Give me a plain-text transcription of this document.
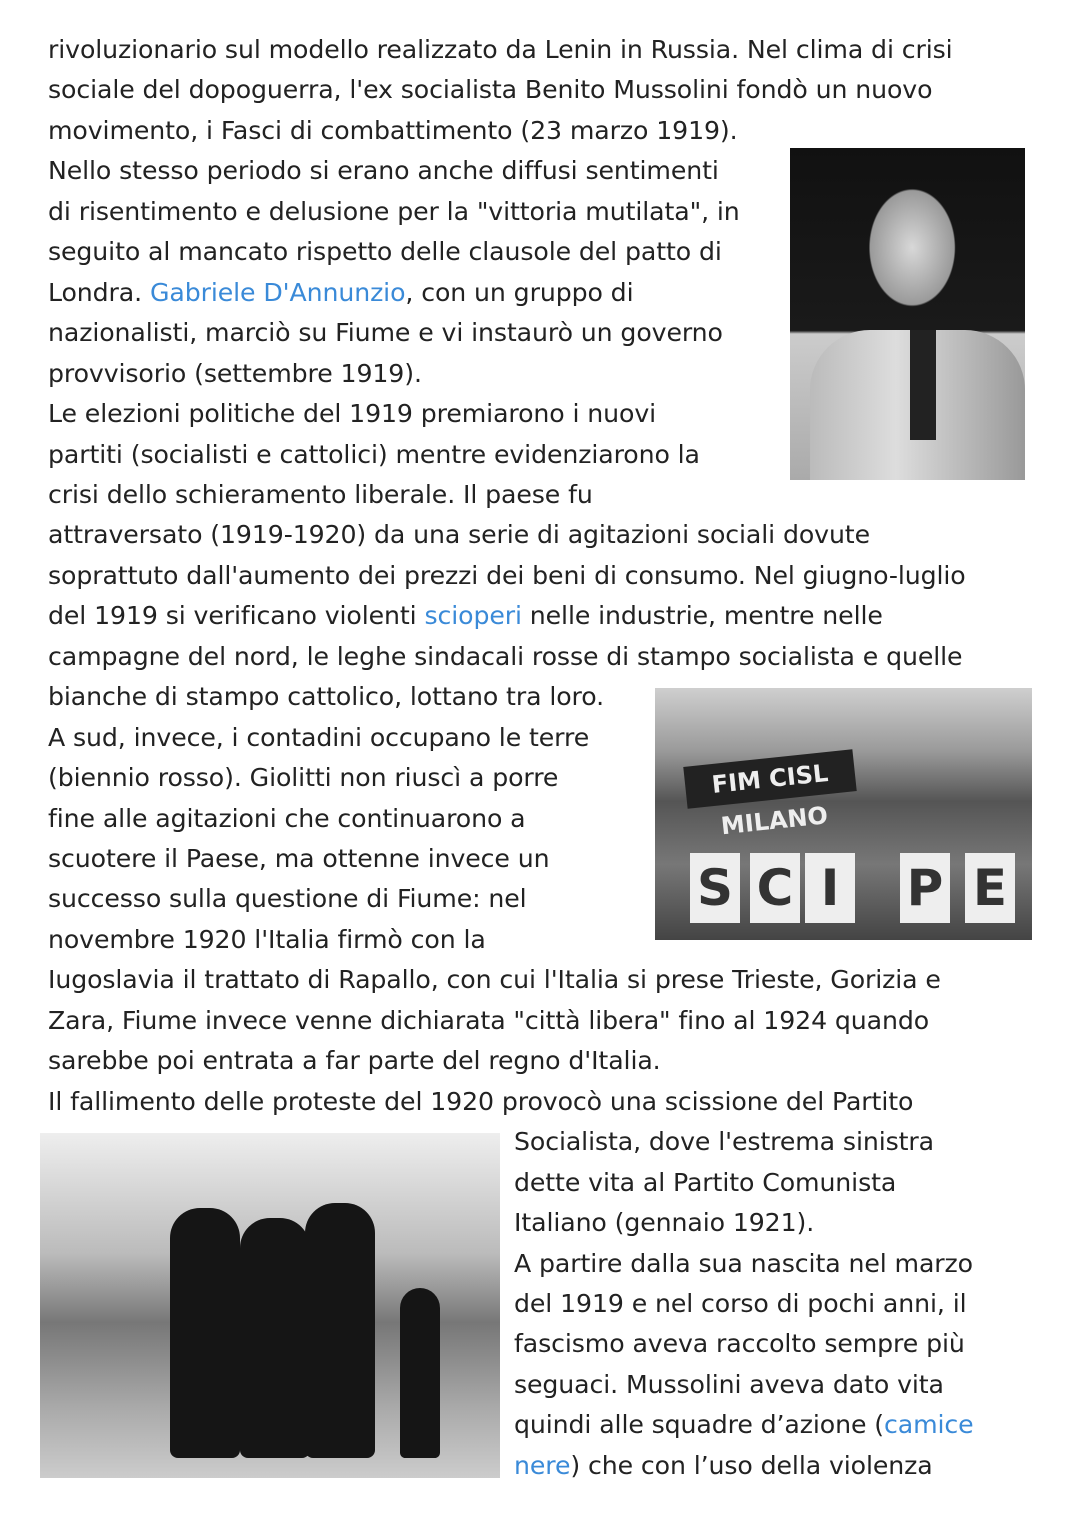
rivoluzionario sul modello realizzato da Lenin in Russia. Nel clima di crisi
sociale del dopoguerra, l'ex socialista Benito Mussolini fondò un nuovo
movimento, i Fasci di combattimento (23 marzo 1919).
Nello stesso periodo si erano anche diffusi sentimenti
di risentimento e delusione per la "vittoria mutilata", in
seguito al mancato rispetto delle clausole del patto di
Londra. Gabriele D'Annunzio, con un gruppo di
nazionalisti, marciò su Fiume e vi instaurò un governo
provvisorio (settembre 1919).
Le elezioni politiche del 1919 premiarono i nuovi
partiti (socialisti e cattolici) mentre evidenziarono la
crisi dello schieramento liberale. Il paese fu
attraversato (1919-1920) da una serie di agitazioni sociali dovute
soprattuto dall'aumento dei prezzi dei beni di consumo. Nel giugno-luglio
del 1919 si verificano violenti scioperi nelle industrie, mentre nelle
campagne del nord, le leghe sindacali rosse di stampo socialista e quelle
bianche di stampo cattolico, lottano tra loro.
A sud, invece, i contadini occupano le terre
(biennio rosso). Giolitti non riuscì a porre
fine alle agitazioni che continuarono a
scuotere il Paese, ma ottenne invece un
successo sulla questione di Fiume: nel
novembre 1920 l'Italia firmò con la
Iugoslavia il trattato di Rapallo, con cui l'Italia si prese Trieste, Gorizia e
Zara, Fiume invece venne dichiarata "città libera" fino al 1924 quando
sarebbe poi entrata a far parte del regno d'Italia.
Il fallimento delle proteste del 1920 provocò una scissione del Partito
Socialista, dove l'estrema sinistra
dette vita al Partito Comunista
Italiano (gennaio 1921).
A partire dalla sua nascita nel marzo
del 1919 e nel corso di pochi anni, il
fascismo aveva raccolto sempre più
seguaci. Mussolini aveva dato vita
quindi alle squadre d’azione (camice
nere) che con l’uso della violenza
FIM CISL MILANO
S C I	P E
